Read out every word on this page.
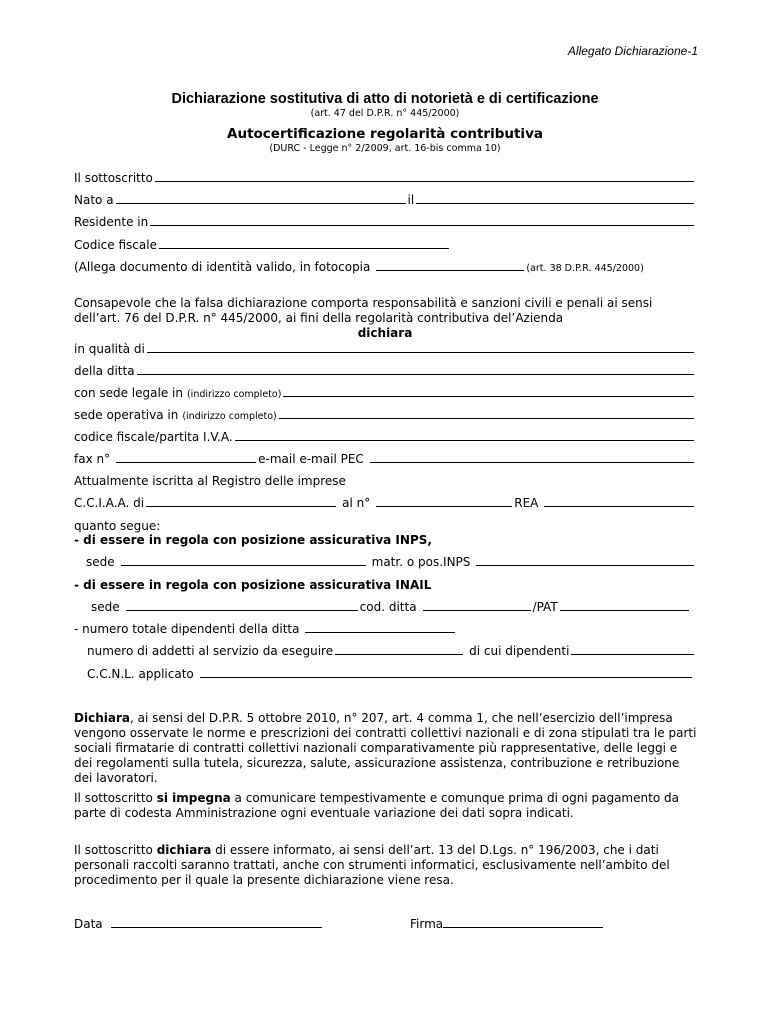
Allegato Dichiarazione-1
Dichiarazione sostitutiva di atto di notorietà e di certificazione
(art. 47 del D.P.R. n° 445/2000)
Autocertificazione regolarità contributiva
(DURC - Legge n° 2/2009, art. 16-bis comma 10)
Il sottoscritto
Nato a	il
Residente in
Codice fiscale
(Allega documento di identità valido, in fotocopia	(art. 38 D.P.R. 445/2000)
Consapevole che la falsa dichiarazione comporta responsabilità e sanzioni civili e penali ai sensi
dell’art. 76 del D.P.R. n° 445/2000, ai fini della regolarità contributiva del’Azienda
dichiara
in qualità di
della ditta
con sede legale in (indirizzo completo)
sede operativa in (indirizzo completo)
codice fiscale/partita I.V.A.
fax n°	e-mail e-mail PEC
Attualmente iscritta al Registro delle imprese
C.C.I.A.A. di	al n°	REA
quanto segue:
- di essere in regola con posizione assicurativa INPS,
sede	matr. o pos.INPS
- di essere in regola con posizione assicurativa INAIL
sede	cod. ditta	/PAT
- numero totale dipendenti della ditta
numero di addetti al servizio da eseguire	di cui dipendenti
C.C.N.L. applicato
Dichiara, ai sensi del D.P.R. 5 ottobre 2010, n° 207, art. 4 comma 1, che nell’esercizio dell’impresa vengono osservate le norme e prescrizioni dei contratti collettivi nazionali e di zona stipulati tra le parti sociali firmatarie di contratti collettivi nazionali comparativamente più rappresentative, delle leggi e dei regolamenti sulla tutela, sicurezza, salute, assicurazione assistenza, contribuzione e retribuzione dei lavoratori.
Il sottoscritto si impegna a comunicare tempestivamente e comunque prima di ogni pagamento da parte di codesta Amministrazione ogni eventuale variazione dei dati sopra indicati.
Il sottoscritto dichiara di essere informato, ai sensi dell’art. 13 del D.Lgs. n° 196/2003, che i dati personali raccolti saranno trattati, anche con strumenti informatici, esclusivamente nell’ambito del procedimento per il quale la presente dichiarazione viene resa.
Data	Firma
